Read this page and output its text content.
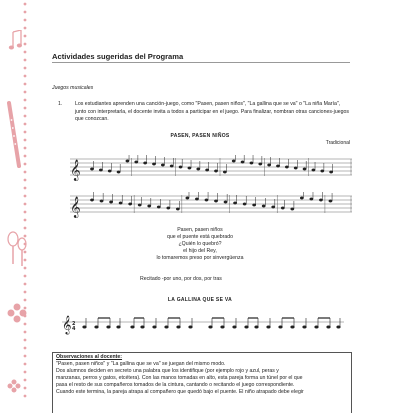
Actividades sugeridas del Programa
Juegos musicales
1. Los estudiantes aprenden una canción-juego, como "Pasen, pasen niños", "La gallina que se va" o "La niña María", junto con interpretarla, el docente invita a todos a participar en el juego. Para finalizar, nombran otras canciones-juegos que conozcan.
PASEN, PASEN NIÑOS
Tradicional
𝄞
𝄞
Pasen, pasen niños
que el puente está quebrado
¿Quién lo quebró?
el hijo del Rey,
lo tomaremos preso por sinvergüenza
Recitado -por uno, por dos, por tras
LA GALLINA QUE SE VA
𝄞 2
4
Observaciones al docente:
"Pasen, pasen niños" y "La gallina que se va" se juegan del mismo modo.
Dos alumnos deciden en secreto una palabra que los identifique (por ejemplo rojo y azul, peras y
manzanas, perros y gatos, etcétera). Con las manos tomadas en alto, esta pareja forma un túnel por el que
pasa el resto de sus compañeros tomados de la cintura, cantando o recitando el juego correspondiente.
Cuando este termina, la pareja atrapa al compañero que quedó bajo el puente. El niño atrapado debe elegir
